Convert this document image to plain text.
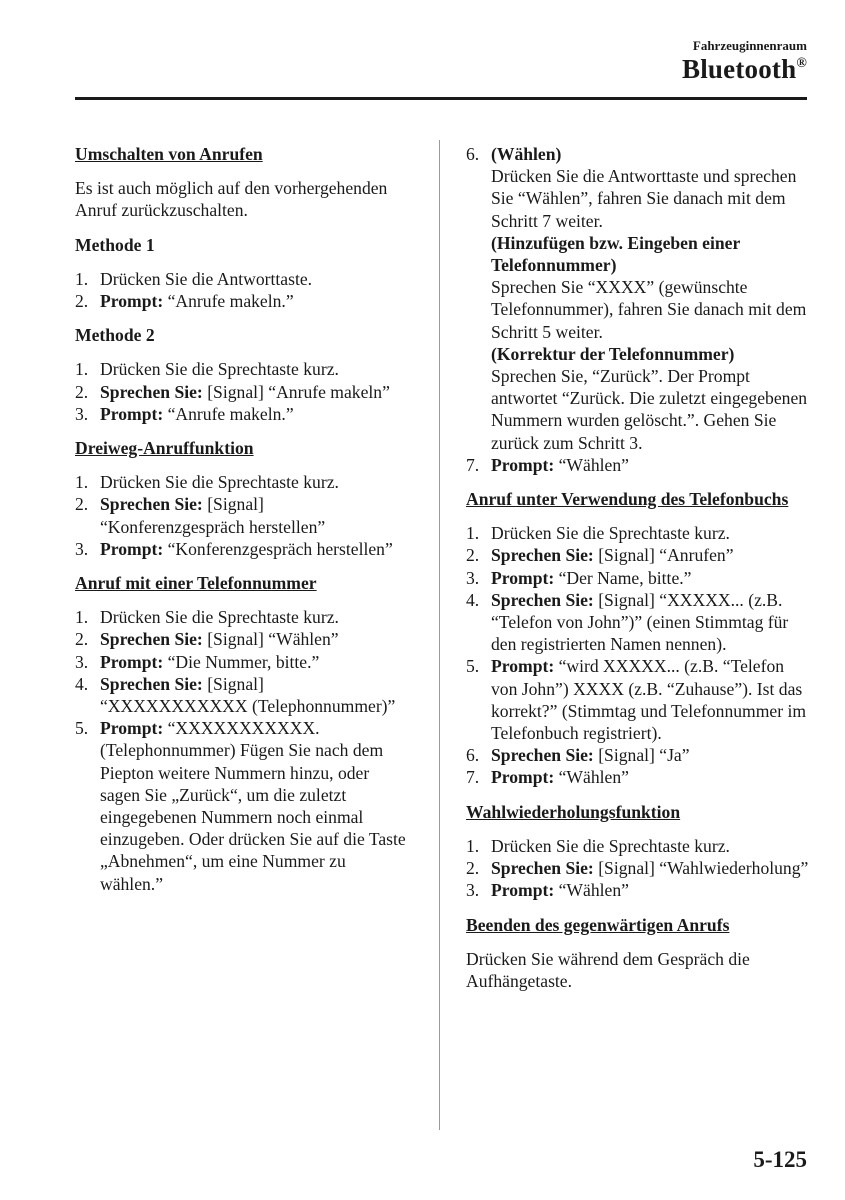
Fahrzeuginnenraum
Bluetooth®
Umschalten von Anrufen
Es ist auch möglich auf den vorhergehenden Anruf zurückzuschalten.
Methode 1
1. Drücken Sie die Antworttaste.
2. Prompt: “Anrufe makeln.”
Methode 2
1. Drücken Sie die Sprechtaste kurz.
2. Sprechen Sie: [Signal] “Anrufe makeln”
3. Prompt: “Anrufe makeln.”
Dreiweg-Anruffunktion
1. Drücken Sie die Sprechtaste kurz.
2. Sprechen Sie: [Signal] “Konferenzgespräch herstellen”
3. Prompt: “Konferenzgespräch herstellen”
Anruf mit einer Telefonnummer
1. Drücken Sie die Sprechtaste kurz.
2. Sprechen Sie: [Signal] “Wählen”
3. Prompt: “Die Nummer, bitte.”
4. Sprechen Sie: [Signal] “XXXXXXXXXXX (Telephonnummer)”
5. Prompt: “XXXXXXXXXXX. (Telephonnummer) Fügen Sie nach dem Piepton weitere Nummern hinzu, oder sagen Sie „Zurück“, um die zuletzt eingegebenen Nummern noch einmal einzugeben. Oder drücken Sie auf die Taste „Abnehmen“, um eine Nummer zu wählen.”
6. (Wählen)
Drücken Sie die Antworttaste und sprechen Sie “Wählen”, fahren Sie danach mit dem Schritt 7 weiter.
(Hinzufügen bzw. Eingeben einer Telefonnummer)
Sprechen Sie “XXXX” (gewünschte Telefonnummer), fahren Sie danach mit dem Schritt 5 weiter.
(Korrektur der Telefonnummer)
Sprechen Sie, “Zurück”. Der Prompt antwortet “Zurück. Die zuletzt eingegebenen Nummern wurden gelöscht.”. Gehen Sie zurück zum Schritt 3.
7. Prompt: “Wählen”
Anruf unter Verwendung des Telefonbuchs
1. Drücken Sie die Sprechtaste kurz.
2. Sprechen Sie: [Signal] “Anrufen”
3. Prompt: “Der Name, bitte.”
4. Sprechen Sie: [Signal] “XXXXX... (z.B. “Telefon von John”)” (einen Stimmtag für den registrierten Namen nennen).
5. Prompt: “wird XXXXX... (z.B. “Telefon von John”) XXXX (z.B. “Zuhause”). Ist das korrekt?” (Stimmtag und Telefonnummer im Telefonbuch registriert).
6. Sprechen Sie: [Signal] “Ja”
7. Prompt: “Wählen”
Wahlwiederholungsfunktion
1. Drücken Sie die Sprechtaste kurz.
2. Sprechen Sie: [Signal] “Wahlwiederholung”
3. Prompt: “Wählen”
Beenden des gegenwärtigen Anrufs
Drücken Sie während dem Gespräch die Aufhängetaste.
5-125
